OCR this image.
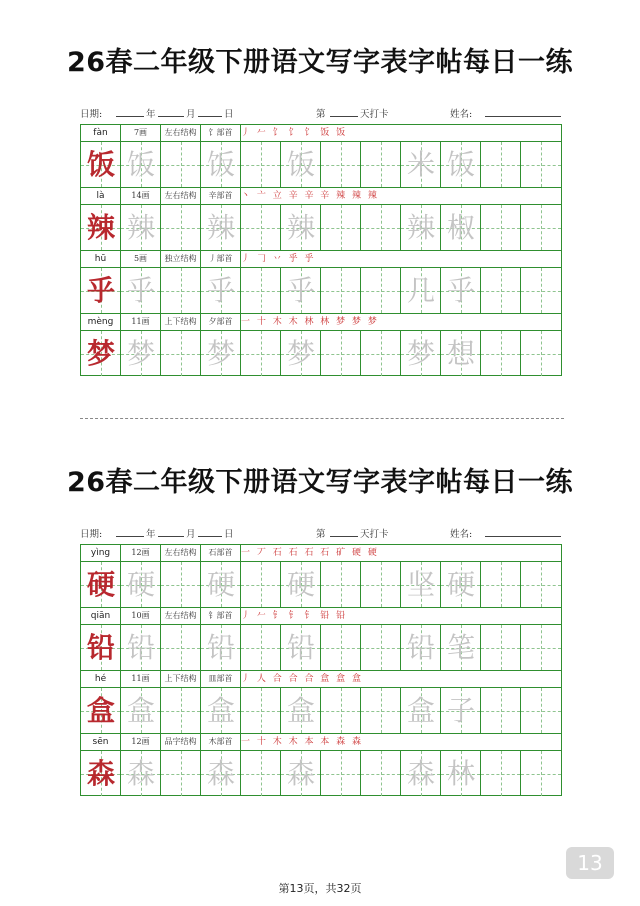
26春二年级下册语文写字表字帖每日一练
日期:	年	月	日	第	天打卡	姓名:
fàn	7画	左右结构	饣部首 丿 𠂉 饣 饣 饣 饭 饭
饭 饭 饭 饭	米 饭
là	14画	左右结构	辛部首 丶 亠 立 辛 辛 辛 辣 辣 辣
辣 辣 辣 辣	辣 椒
hū	5画	独立结构	丿部首 丿 𠃌 丷 乎 乎
乎 乎 乎 乎	几 乎
mèng	11画	上下结构	夕部首 一 十 木 木 林 林 梦 梦 梦
梦 梦 梦 梦	梦 想
26春二年级下册语文写字表字帖每日一练
日期:	年	月	日	第	天打卡	姓名:
yìng	12画	左右结构	石部首 一 丆 石 石 石 石 矿 硬 硬
硬 硬 硬 硬	坚 硬
qiān	10画	左右结构	钅部首 丿 𠂉 钅 钅 钅 铅 铅
铅 铅 铅 铅	铅 笔
hé	11画	上下结构	皿部首 丿 人 合 合 合 盒 盒 盒
盒 盒 盒 盒	盒 子
sēn	12画	品字结构	木部首 一 十 木 木 本 本 森 森
森 森 森 森	森 林
13
第13页，共32页
